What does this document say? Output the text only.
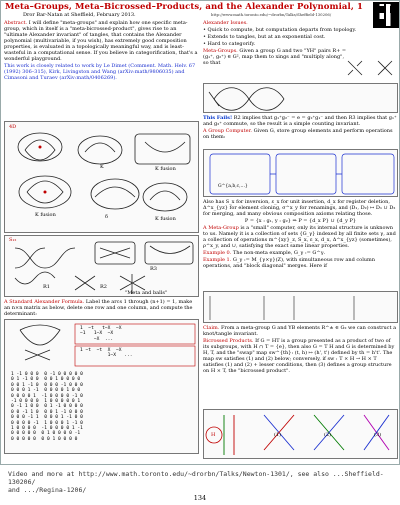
Meta–Groups, Meta–Bicrossed–Products, and the Alexander Polynomial, 1
Dror Bar-Natan at Sheffield, February 2013.	http://www.math.toronto.edu/~drorbn/Talks/Sheffield-130206/

Abstract. I will define "meta-groups" and explain how one specific meta-group, which in itself is a "meta-bicrossed-product", gives rise to an "ultimate Alexander invariant" of tangles, that contains the Alexander polynomial (multivariable, if you wish), has extremely good composition properties, is evaluated in a topologically meaningful way, and is least-wasteful in a computational sense. If you believe in categorification, that's a wonderful playground.

This work is closely related to work by Le Dimet (Comment. Math. Helv. 67 (1992) 306–315), Kirk, Livingston and Wang (arXiv:math/9806035) and Cimasoni and Turaev (arXiv:math/0406269).

4D
K	K fusion
K fusion	δ	K fusion
S₁₂
R1	R2
R3
"Meta and balls"

A Standard Alexander Formula. Label the arcs 1 through (n+1) = 1, make an n×n matrix as below, delete one row and one column, and compute the determinant:

1  −t   t−X  −X
−1   1−X  −X
−X  ...
1 −t  −t  X  −X
1−X   ...
1 -1 0 0 0  0 -1 0 0 0 0 0
0 1 -1 0 0  0 0 1 0 0 0 0
0 0 1 -1 0  0 0 0 -1 0 0 0
0 0 0 1 -1  0 0 0 0 1 0 0
0 0 0 0 1  -1 0 0 0 0 -1 0
-1 0 0 0 0  1 0 0 0 0 0 1
0 -1 1 0 0  0 1 -1 0 0 0 0
0 0 -1 1 0  0 0 1 -1 0 0 0
0 0 0 -1 1  0 0 0 1 -1 0 0
0 0 0 0 -1  1 0 0 0 1 -1 0
1 0 0 0 0  -1 0 0 0 0 1 -1
0 0 0 0 0  0 1 0 0 0 0 -1
0 0 0 0 0  0 0 1 0 0 0 0

Alexander Issues.

• Quick to compute, but computation departs from topology.

• Extends to tangles, but at an exponential cost.

• Hard to categorify.

Meta-Groups. Given a group G and two "YH" pairs R+ = (g₁⁺, g₂⁺) ∈ G², map them to xings and "multiply along", so that

This Fails! R2 implies that g₁⁺g₂⁻ = e = g₂⁺g₁⁻ and then R3 implies that g₁⁺ and g₂⁺ commute, so the result is a simple counting invariant.

A Group Computer. Given G, store group elements and perform operations on them:

G^{a,b,c,...}

Also has S_x for inversion, ε_x for unit insertion, d_x for register deletion, Δ^x_{yz} for element cloning, σ^x_y for renamings, and (D₁, D₂) ↦ D₁ ∪ D₂ for merging, and many obvious composition axioms relating those.

P = {x : g₁, y : g₂} ⇒ P = {d_x P} ∪ {d_y P}

A Meta-Group is a "small" computer, only its internal structure is unknown to us. Namely it is a collection of sets {G_γ} indexed by all finite sets γ, and a collection of operations m^{xy}_z, S_x, ε_x, d_x, Δ^x_{yz} (sometimes), ρ^x_y, and ∪, satisfying the exact same linear properties.

Example 0. The non-meta example, G_γ := G^γ.

Example 1. G_γ := M_{γ×γ}(Z), with simultaneous row and column operations, and "block diagonal" merges. Here if

Claim. From a meta-group G and YB elements R^± ∈ G₂ we can construct a knot/tangle invariant.

Bicrossed Products. If G = HT is a group presented as a product of two of its subgroups, with H ∩ T = {e}, then also G = T H and G is determined by H, T, and the "swap" map sw^{th}: (t, h) ↦ (h', t') defined by th = h't'. The map sw satisfies (1) and (2) below; conversely, if sw : T × H → H × T satisfies (1) and (2) + lesser conditions, then (3) defines a group structure on H × T, the "bicrossed product".

H	(1)	(2)	(3)
Video and more at http://www.math.toronto.edu/~drorbn/Talks/Newton-1301/, see also ...Sheffield-130206/
and .../Regina-1206/
134
